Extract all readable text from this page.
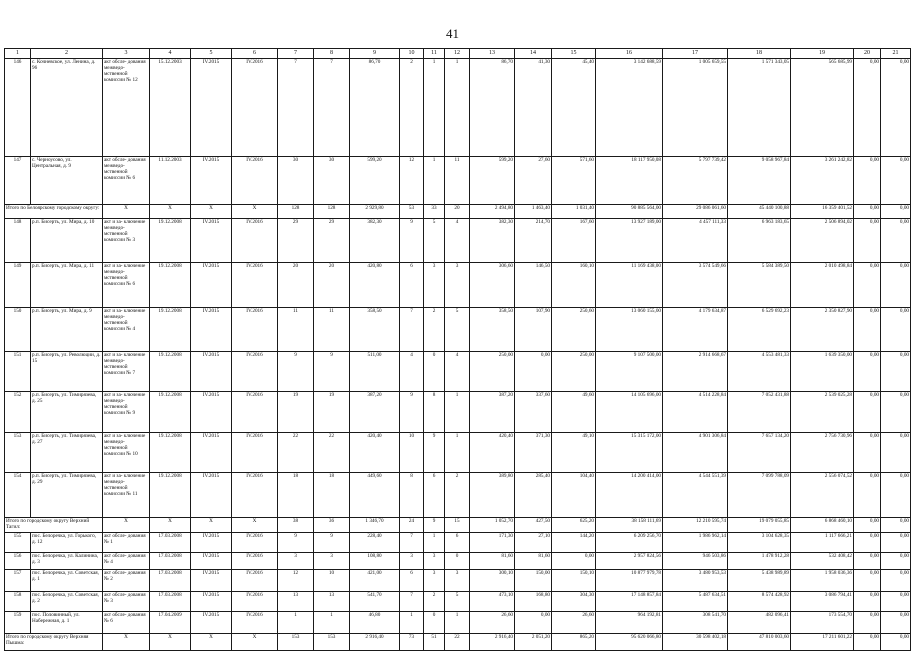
41
1	2	3	4	5	6	7	8	9	10	11	12	13	14	15	16	17	18	19	20	21
146	с. Кочневское, ул. Ленина, д. 96	акт обсле- дования межведо- мственной комиссии № 12	15.12.2003	IV.2015	IV.2016	7	7	86,70	2	1	1	86,70	41,30	45,40	3 142 688,59	1 005 659,55	1 571 343,05	565 685,99	0,00	0,00
147	с. Черноусово, ул. Центральная, д. 9	акт обсле- дования межведо- мственной комиссии № 6	11.12.2003	IV.2015	IV.2016	30	30	599,20	12	1	11	599,20	27,60	571,60	18 117 950,08	5 797 739,42	9 058 967,84	3 261 242,82	0,00	0,00
Итого по Белоярскому городскому округу:		X	X	X	X	128	128	2 929,80	53	33	20	2 494,80	1 463,40	1 031,40	90 885 564,00	29 086 061,60	45 440 100,88	16 359 401,52	0,00	0,00
148	р.п. Бисерть, ул. Мира, д. 10	акт и за- ключение межведо- мственной комиссии № 3	19.12.2008	IV.2015	IV.2016	29	29	382,30	9	5	4	382,30	214,70	167,60	13 927 189,00	4 457 111,33	6 963 183,65	2 506 894,02	0,00	0,00
149	р.п. Бисерть, ул. Мира, д. 11	акт и за- ключение межведо- мственной комиссии № 6	19.12.2008	IV.2015	IV.2016	20	20	420,80	6	3	3	306,60	146,50	160,10	11 169 438,00	3 574 549,66	5 584 389,50	2 010 498,84	0,00	0,00
150	р.п. Бисерть, ул. Мира, д. 9	акт и за- ключение межведо- мственной комиссии № 4	19.12.2008	IV.2015	IV.2016	11	11	358,50	7	2	5	358,50	107,90	250,60	13 060 155,00	4 179 634,87	6 529 692,23	2 350 827,90	0,00	0,00
151	р.п. Бисерть, ул. Революции, д. 15	акт и за- ключение межведо- мственной комиссии № 7	19.12.2008	IV.2015	IV.2016	9	9	511,00	4	0	4	250,00	0,00	250,00	9 107 500,00	2 914 668,67	4 553 481,33	1 639 350,00	0,00	0,00
152	р.п. Бисерть, ул. Тимирязева, д. 25	акт и за- ключение межведо- мственной комиссии № 9	19.12.2008	IV.2015	IV.2016	19	19	387,20	9	8	1	387,20	337,60	49,60	14 105 696,00	4 514 228,84	7 052 431,88	2 539 025,28	0,00	0,00
153	р.п. Бисерть, ул. Тимирязева, д. 27	акт и за- ключение межведо- мственной комиссии № 10	19.12.2008	IV.2015	IV.2016	22	22	420,40	10	9	1	420,40	371,30	49,10	15 315 172,00	4 901 306,84	7 657 134,20	2 756 730,96	0,00	0,00
154	р.п. Бисерть, ул. Тимирязева, д. 29	акт и за- ключение межведо- мственной комиссии № 11	19.12.2008	IV.2015	IV.2016	18	18	449,60	8	6	2	389,80	285,40	104,40	14 200 414,00	4 544 551,39	7 099 788,09	2 556 074,52	0,00	0,00
Итого по городскому округу Верхний Тагил:		X	X	X	X	38	36	1 346,70	24	9	15	1 052,70	427,50	625,20	38 158 111,69	12 210 595,74	19 079 055,85	6 868 460,10	0,00	0,00
155	пос. Белоречка, ул. Горького, д. 12	акт обсле- дования № 1	17.03.2008	IV.2015	IV.2016	9	9	228,40	7	1	6	171,30	27,10	144,20	6 209 256,70	1 986 962,14	3 104 628,35	1 117 666,21	0,00	0,00
156	пос. Белоречка, ул. Калинина, д. 3	акт обсле- дования № 4	17.03.2008	IV.2015	IV.2016	3	3	108,80	3	3	0	81,60	81,60	0,00	2 957 824,56	946 503,86	1 478 912,28	532 408,42	0,00	0,00
157	пос. Белоречка, ул. Советская, д. 1	акт обсле- дования № 2	17.03.2008	IV.2015	IV.2016	12	10	421,00	6	3	3	300,10	150,00	150,10	10 877 979,78	3 480 953,53	5 438 989,89	1 958 036,36	0,00	0,00
158	пос. Белоречка, ул. Советская, д. 2	акт обсле- дования № 3	17.03.2008	IV.2015	IV.2016	13	13	541,70	7	2	5	473,10	168,80	304,30	17 148 857,84	5 487 634,51	8 574 428,92	3 086 794,41	0,00	0,00
159	пос. Половинный, ул. Набережная, д. 1	акт обсле- дования № 6	17.04.2009	IV.2015	IV.2016	1	1	46,80	1	0	1	26,60	0,00	26,60	964 192,81	308 541,70	482 096,41	173 554,70	0,00	0,00
Итого по городскому округу Верхняя Пышма:		X	X	X	X	153	153	2 916,40	73	51	22	2 916,40	2 051,20	865,20	95 620 066,80	30 598 402,18	47 810 003,60	17 211 601,22	0,00	0,00
